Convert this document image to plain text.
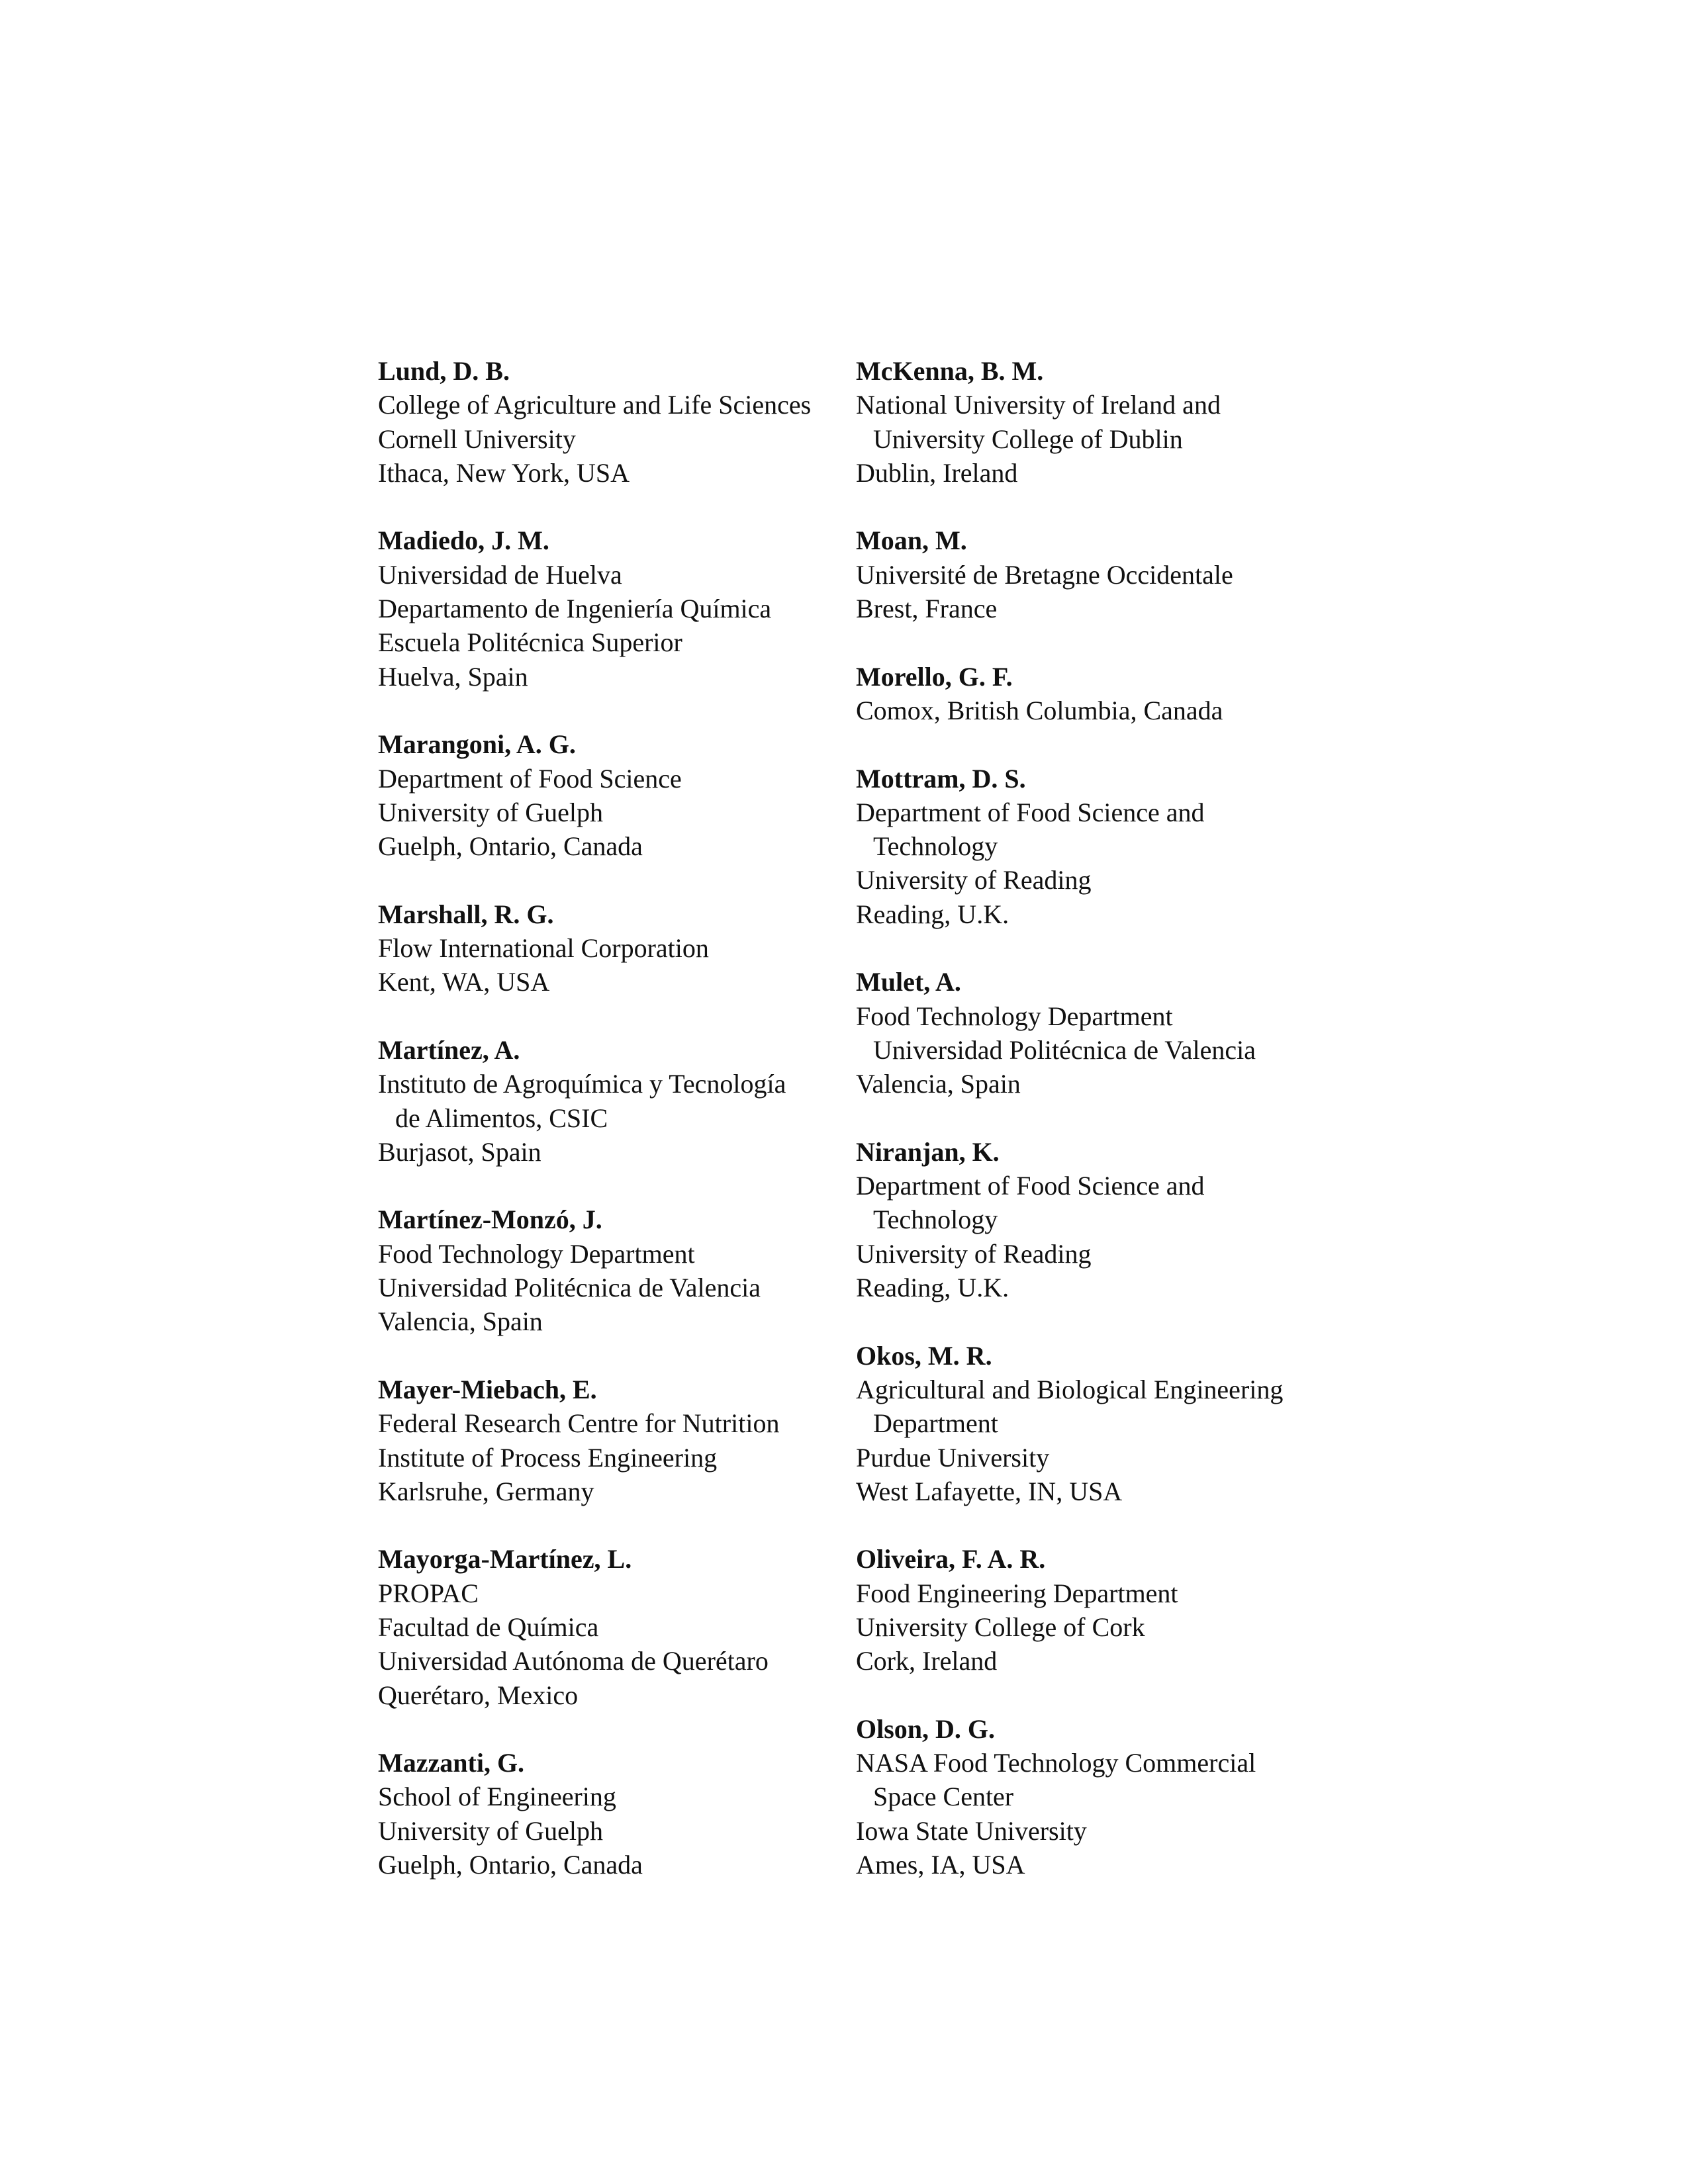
Lund, D. B.
College of Agriculture and Life Sciences
Cornell University
Ithaca, New York, USA
Madiedo, J. M.
Universidad de Huelva
Departamento de Ingeniería Química
Escuela Politécnica Superior
Huelva, Spain
Marangoni, A. G.
Department of Food Science
University of Guelph
Guelph, Ontario, Canada
Marshall, R. G.
Flow International Corporation
Kent, WA, USA
Martínez, A.
Instituto de Agroquímica y Tecnología
de Alimentos, CSIC
Burjasot, Spain
Martínez-Monzó, J.
Food Technology Department
Universidad Politécnica de Valencia
Valencia, Spain
Mayer-Miebach, E.
Federal Research Centre for Nutrition
Institute of Process Engineering
Karlsruhe, Germany
Mayorga-Martínez, L.
PROPAC
Facultad de Química
Universidad Autónoma de Querétaro
Querétaro, Mexico
Mazzanti, G.
School of Engineering
University of Guelph
Guelph, Ontario, Canada
McKenna, B. M.
National University of Ireland and
University College of Dublin
Dublin, Ireland
Moan, M.
Université de Bretagne Occidentale
Brest, France
Morello, G. F.
Comox, British Columbia, Canada
Mottram, D. S.
Department of Food Science and
Technology
University of Reading
Reading, U.K.
Mulet, A.
Food Technology Department
Universidad Politécnica de Valencia
Valencia, Spain
Niranjan, K.
Department of Food Science and
Technology
University of Reading
Reading, U.K.
Okos, M. R.
Agricultural and Biological Engineering
Department
Purdue University
West Lafayette, IN, USA
Oliveira, F. A. R.
Food Engineering Department
University College of Cork
Cork, Ireland
Olson, D. G.
NASA Food Technology Commercial
Space Center
Iowa State University
Ames, IA, USA
